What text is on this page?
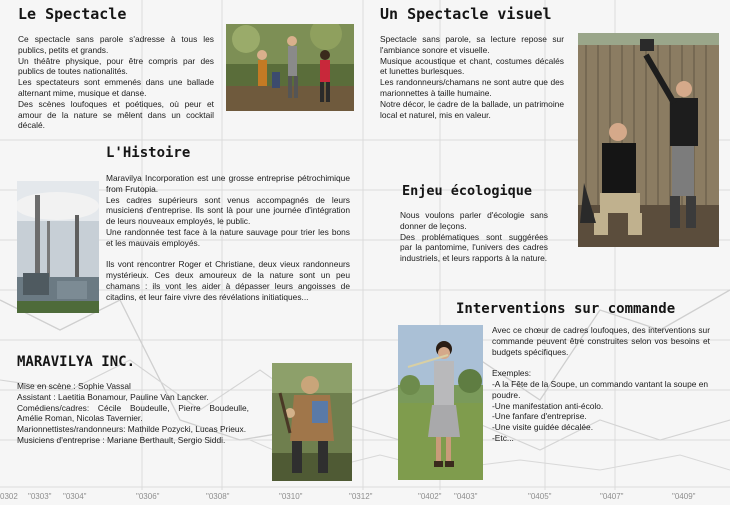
Le Spectacle

Ce spectacle sans parole s'adresse à tous les publics, petits et grands.

Un théâtre physique, pour être compris par des publics de toutes nationalités.

Les spectateurs sont emmenés dans une ballade alternant mime, musique et danse.

Des scènes loufoques et poétiques, où peur et amour de la nature se mêlent dans un cocktail décalé.

Un Spectacle visuel

Spectacle sans parole, sa lecture repose sur l'ambiance sonore et visuelle.

Musique acoustique et chant, costumes décalés et lunettes burlesques.

Les randonneurs/chamans ne sont autre que des marionnettes à taille humaine.

Notre décor, le cadre de la ballade, un patrimoine local et naturel, mis en valeur.

L'Histoire

Maravilya Incorporation est une grosse entreprise pétrochimique from Frutopia.

Les cadres supérieurs sont venus accompagnés de leurs musiciens d'entreprise. Ils sont là pour une journée d'intégration de leurs nouveaux employés, le public.

Une randonnée test face à la nature sauvage pour trier les bons et les mauvais employés.

Ils vont rencontrer Roger et Christiane, deux vieux randonneurs mystérieux. Ces deux amoureux de la nature sont un peu chamans : ils vont les aider à dépasser leurs angoisses de citadins, et leur faire vivre des révélations initiatiques...

Enjeu écologique

Nous voulons parler d'écologie sans donner de leçons.

Des problématiques sont suggérées par la pantomime, l'univers des cadres industriels, et leurs rapports à la nature.

Interventions sur commande

Avec ce chœur de cadres loufoques, des interventions sur commande peuvent être construites selon vos besoins et budgets spécifiques.

Exemples:

-A la Fête de la Soupe, un commando vantant la soupe en poudre.

-Une manifestation anti-écolo.

-Une fanfare d'entreprise.

-Une visite guidée décalée.

-Etc...

MARAVILYA INC.

Mise en scène : Sophie Vassal

Assistant : Laetitia Bonamour, Pauline Van Lancker.

Comédiens/cadres: Cécile Boudeulle, Pierre Boudeulle, Amélie Roman, Nicolas Tavernier.

Marionnettistes/randonneurs: Mathilde Pozycki, Lucas Prieux.

Musiciens d'entreprise : Mariane Berthault, Sergio Siddi.

0302 "0303" "0304"	"0306"	"0308"	"0310"	"0312"	"0402" "0403"	"0405"	"0407"	"0409"
